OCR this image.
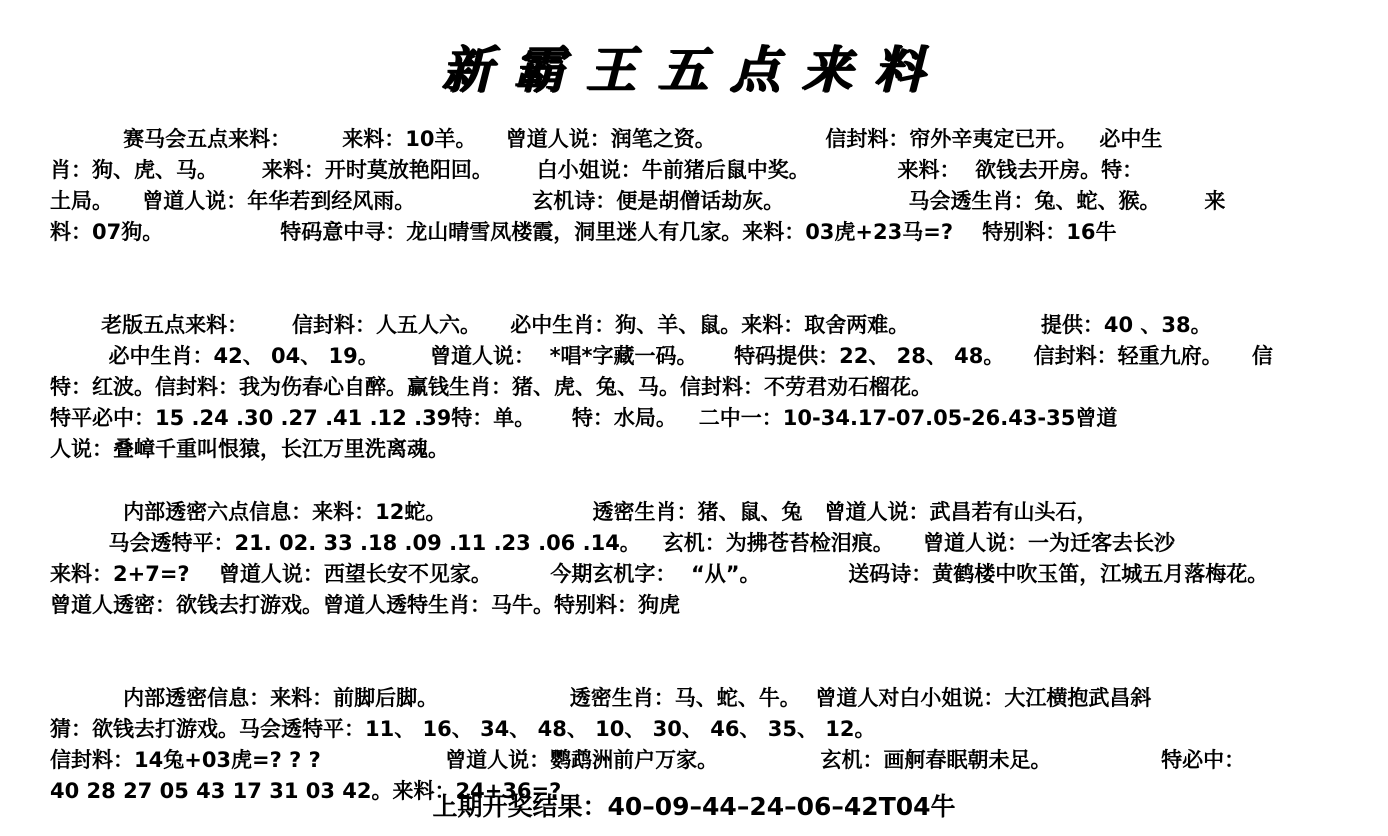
新霸王五点来料
赛马会五点来料：       来料：10羊。    曾道人说：润笔之资。               信封料：帘外辛夷定已开。   必中生
肖：狗、虎、马。      来料：开时莫放艳阳回。      白小姐说：牛前猪后鼠中奖。            来料：  欲钱去开房。特：
土局。    曾道人说：年华若到经风雨。                玄机诗：便是胡僧话劫灰。                 马会透生肖：兔、蛇、猴。      来
料：07狗。                特码意中寻：龙山晴雪凤楼霞，洞里迷人有几家。来料：03虎+23马=?    特别料：16牛
老版五点来料：      信封料：人五人六。    必中生肖：狗、羊、鼠。来料：取舍两难。                  提供：40 、38。
必中生肖：42、 04、 19。       曾道人说：  *唱*字藏一码。     特码提供：22、 28、 48。    信封料：轻重九府。    信
特：红波。信封料：我为伤春心自醉。赢钱生肖：猪、虎、兔、马。信封料：不劳君劝石榴花。
特平必中：15 .24 .30 .27 .41 .12 .39特：单。     特：水局。   二中一：10-34.17-07.05-26.43-35曾道
人说：叠嶂千重叫恨猿，长江万里洗离魂。
内部透密六点信息：来料：12蛇。                    透密生肖：猪、鼠、兔   曾道人说：武昌若有山头石，
马会透特平：21. 02. 33 .18 .09 .11 .23 .06 .14。   玄机：为拂苍苔检泪痕。    曾道人说：一为迁客去长沙
来料：2+7=?    曾道人说：西望长安不见家。        今期玄机字：  “从”。            送码诗：黄鹤楼中吹玉笛，江城五月落梅花。
曾道人透密：欲钱去打游戏。曾道人透特生肖：马牛。特别料：狗虎
内部透密信息：来料：前脚后脚。                  透密生肖：马、蛇、牛。  曾道人对白小姐说：大江横抱武昌斜
猜：欲钱去打游戏。马会透特平：11、 16、 34、 48、 10、 30、 46、 35、 12。
信封料：14兔+03虎=? ? ?                 曾道人说：鹦鹉洲前户万家。              玄机：画舸春眠朝未足。               特必中：
40 28 27 05 43 17 31 03 42。来料：24+36=?
上期开奖结果：40–09–44–24–06–42T04牛
